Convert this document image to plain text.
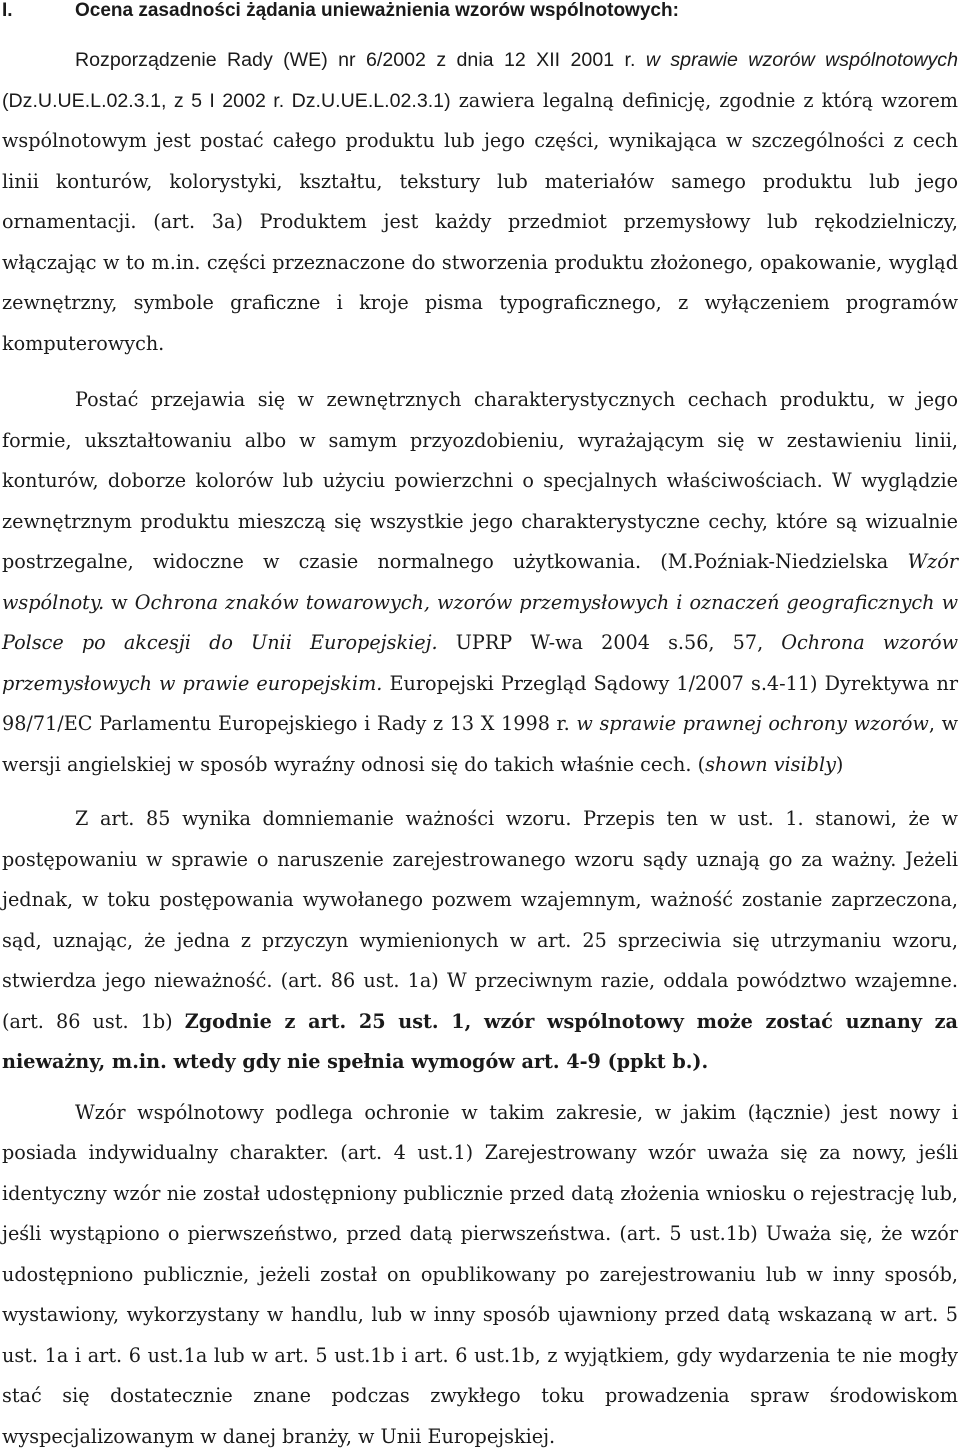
I.	Ocena zasadności żądania unieważnienia wzorów wspólnotowych:

Rozporządzenie Rady (WE) nr 6/2002 z dnia 12 XII 2001 r. w sprawie wzorów wspólnotowych (Dz.U.UE.L.02.3.1, z 5 I 2002 r. Dz.U.UE.L.02.3.1) zawiera legalną definicję, zgodnie z którą wzorem wspólnotowym jest postać całego produktu lub jego części, wynikająca w szczególności z cech linii konturów, kolorystyki, kształtu, tekstury lub materiałów samego produktu lub jego ornamentacji. (art. 3a) Produktem jest każdy przedmiot przemysłowy lub rękodzielniczy, włączając w to m.in. części przeznaczone do stworzenia produktu złożonego, opakowanie, wygląd zewnętrzny, symbole graficzne i kroje pisma typograficznego, z wyłączeniem programów komputerowych.

Postać przejawia się w zewnętrznych charakterystycznych cechach produktu, w jego formie, ukształtowaniu albo w samym przyozdobieniu, wyrażającym się w zestawieniu linii, konturów, doborze kolorów lub użyciu powierzchni o specjalnych właściwościach. W wyglądzie zewnętrznym produktu mieszczą się wszystkie jego charakterystyczne cechy, które są wizualnie postrzegalne, widoczne w czasie normalnego użytkowania. (M.Poźniak-Niedzielska Wzór wspólnoty. w Ochrona znaków towarowych, wzorów przemysłowych i oznaczeń geograficznych w Polsce po akcesji do Unii Europejskiej. UPRP W-wa 2004 s.56, 57, Ochrona wzorów przemysłowych w prawie europejskim. Europejski Przegląd Sądowy 1/2007 s.4-11) Dyrektywa nr 98/71/EC Parlamentu Europejskiego i Rady z 13 X 1998 r. w sprawie prawnej ochrony wzorów, w wersji angielskiej w sposób wyraźny odnosi się do takich właśnie cech. (shown visibly)

Z art. 85 wynika domniemanie ważności wzoru. Przepis ten w ust. 1. stanowi, że w postępowaniu w sprawie o naruszenie zarejestrowanego wzoru sądy uznają go za ważny. Jeżeli jednak, w toku postępowania wywołanego pozwem wzajemnym, ważność zostanie zaprzeczona, sąd, uznając, że jedna z przyczyn wymienionych w art. 25 sprzeciwia się utrzymaniu wzoru, stwierdza jego nieważność. (art. 86 ust. 1a) W przeciwnym razie, oddala powództwo wzajemne. (art. 86 ust. 1b) Zgodnie z art. 25 ust. 1, wzór wspólnotowy może zostać uznany za nieważny, m.in. wtedy gdy nie spełnia wymogów art. 4-9 (ppkt b.).

Wzór wspólnotowy podlega ochronie w takim zakresie, w jakim (łącznie) jest nowy i posiada indywidualny charakter. (art. 4 ust.1) Zarejestrowany wzór uważa się za nowy, jeśli identyczny wzór nie został udostępniony publicznie przed datą złożenia wniosku o rejestrację lub, jeśli wystąpiono o pierwszeństwo, przed datą pierwszeństwa. (art. 5 ust.1b) Uważa się, że wzór udostępniono publicznie, jeżeli został on opublikowany po zarejestrowaniu lub w inny sposób, wystawiony, wykorzystany w handlu, lub w inny sposób ujawniony przed datą wskazaną w art. 5 ust. 1a i art. 6 ust.1a lub w art. 5 ust.1b i art. 6 ust.1b, z wyjątkiem, gdy wydarzenia te nie mogły stać się dostatecznie znane podczas zwykłego toku prowadzenia spraw środowiskom wyspecjalizowanym w danej branży, w Unii Europejskiej.
